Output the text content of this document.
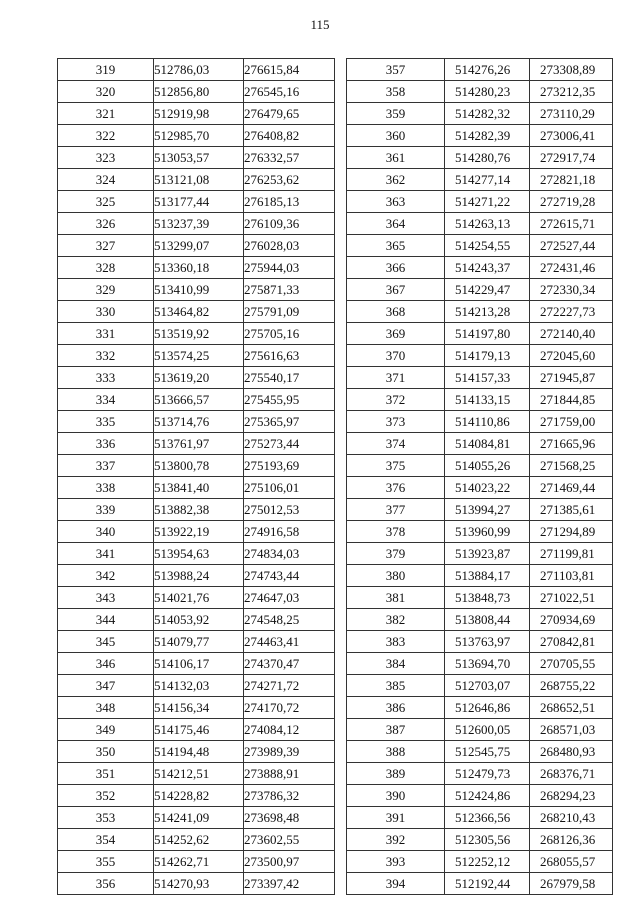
115
319	512786,03	276615,84
320	512856,80	276545,16
321	512919,98	276479,65
322	512985,70	276408,82
323	513053,57	276332,57
324	513121,08	276253,62
325	513177,44	276185,13
326	513237,39	276109,36
327	513299,07	276028,03
328	513360,18	275944,03
329	513410,99	275871,33
330	513464,82	275791,09
331	513519,92	275705,16
332	513574,25	275616,63
333	513619,20	275540,17
334	513666,57	275455,95
335	513714,76	275365,97
336	513761,97	275273,44
337	513800,78	275193,69
338	513841,40	275106,01
339	513882,38	275012,53
340	513922,19	274916,58
341	513954,63	274834,03
342	513988,24	274743,44
343	514021,76	274647,03
344	514053,92	274548,25
345	514079,77	274463,41
346	514106,17	274370,47
347	514132,03	274271,72
348	514156,34	274170,72
349	514175,46	274084,12
350	514194,48	273989,39
351	514212,51	273888,91
352	514228,82	273786,32
353	514241,09	273698,48
354	514252,62	273602,55
355	514262,71	273500,97
356	514270,93	273397,42
357	514276,26	273308,89
358	514280,23	273212,35
359	514282,32	273110,29
360	514282,39	273006,41
361	514280,76	272917,74
362	514277,14	272821,18
363	514271,22	272719,28
364	514263,13	272615,71
365	514254,55	272527,44
366	514243,37	272431,46
367	514229,47	272330,34
368	514213,28	272227,73
369	514197,80	272140,40
370	514179,13	272045,60
371	514157,33	271945,87
372	514133,15	271844,85
373	514110,86	271759,00
374	514084,81	271665,96
375	514055,26	271568,25
376	514023,22	271469,44
377	513994,27	271385,61
378	513960,99	271294,89
379	513923,87	271199,81
380	513884,17	271103,81
381	513848,73	271022,51
382	513808,44	270934,69
383	513763,97	270842,81
384	513694,70	270705,55
385	512703,07	268755,22
386	512646,86	268652,51
387	512600,05	268571,03
388	512545,75	268480,93
389	512479,73	268376,71
390	512424,86	268294,23
391	512366,56	268210,43
392	512305,56	268126,36
393	512252,12	268055,57
394	512192,44	267979,58
